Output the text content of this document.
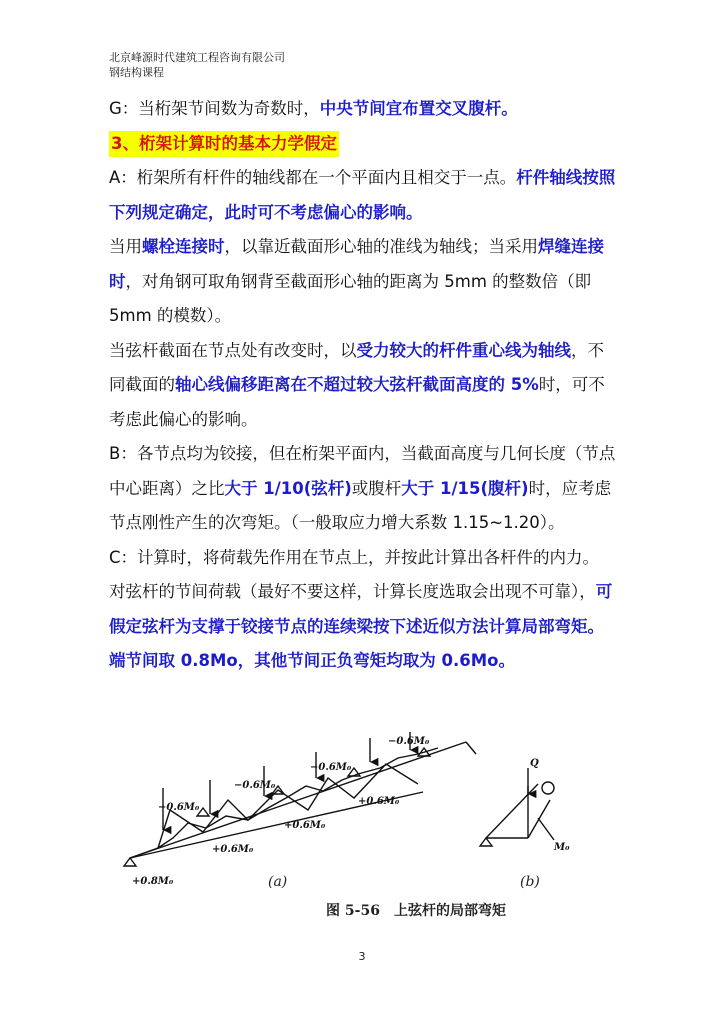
北京峰源时代建筑工程咨询有限公司
钢结构课程

G：当桁架节间数为奇数时，中央节间宜布置交叉腹杆。

3、桁架计算时的基本力学假定

A：桁架所有杆件的轴线都在一个平面内且相交于一点。杆件轴线按照下列规定确定，此时可不考虑偏心的影响。

当用螺栓连接时，以靠近截面形心轴的准线为轴线；当采用焊缝连接时，对角钢可取角钢背至截面形心轴的距离为 5mm 的整数倍（即 5mm 的模数）。

当弦杆截面在节点处有改变时，以受力较大的杆件重心线为轴线，不同截面的轴心线偏移距离在不超过较大弦杆截面高度的 5%时，可不考虑此偏心的影响。

B：各节点均为铰接，但在桁架平面内，当截面高度与几何长度（节点中心距离）之比大于 1/10(弦杆)或腹杆大于 1/15(腹杆)时，应考虑节点刚性产生的次弯矩。（一般取应力增大系数 1.15~1.20）。

C：计算时，将荷载先作用在节点上，并按此计算出各杆件的内力。

对弦杆的节间荷载（最好不要这样，计算长度选取会出现不可靠），可假定弦杆为支撑于铰接节点的连续梁按下述近似方法计算局部弯矩。端节间取 0.8Mo，其他节间正负弯矩均取为 0.6Mo。

+0.8M₀
+0.6M₀
+0.6M₀
+0.6M₀
−0.6M₀
−0.6M₀
−0.6M₀
−0.6M₀
Q
M₀
(a)	(b)
图 5-56　上弦杆的局部弯矩
3
